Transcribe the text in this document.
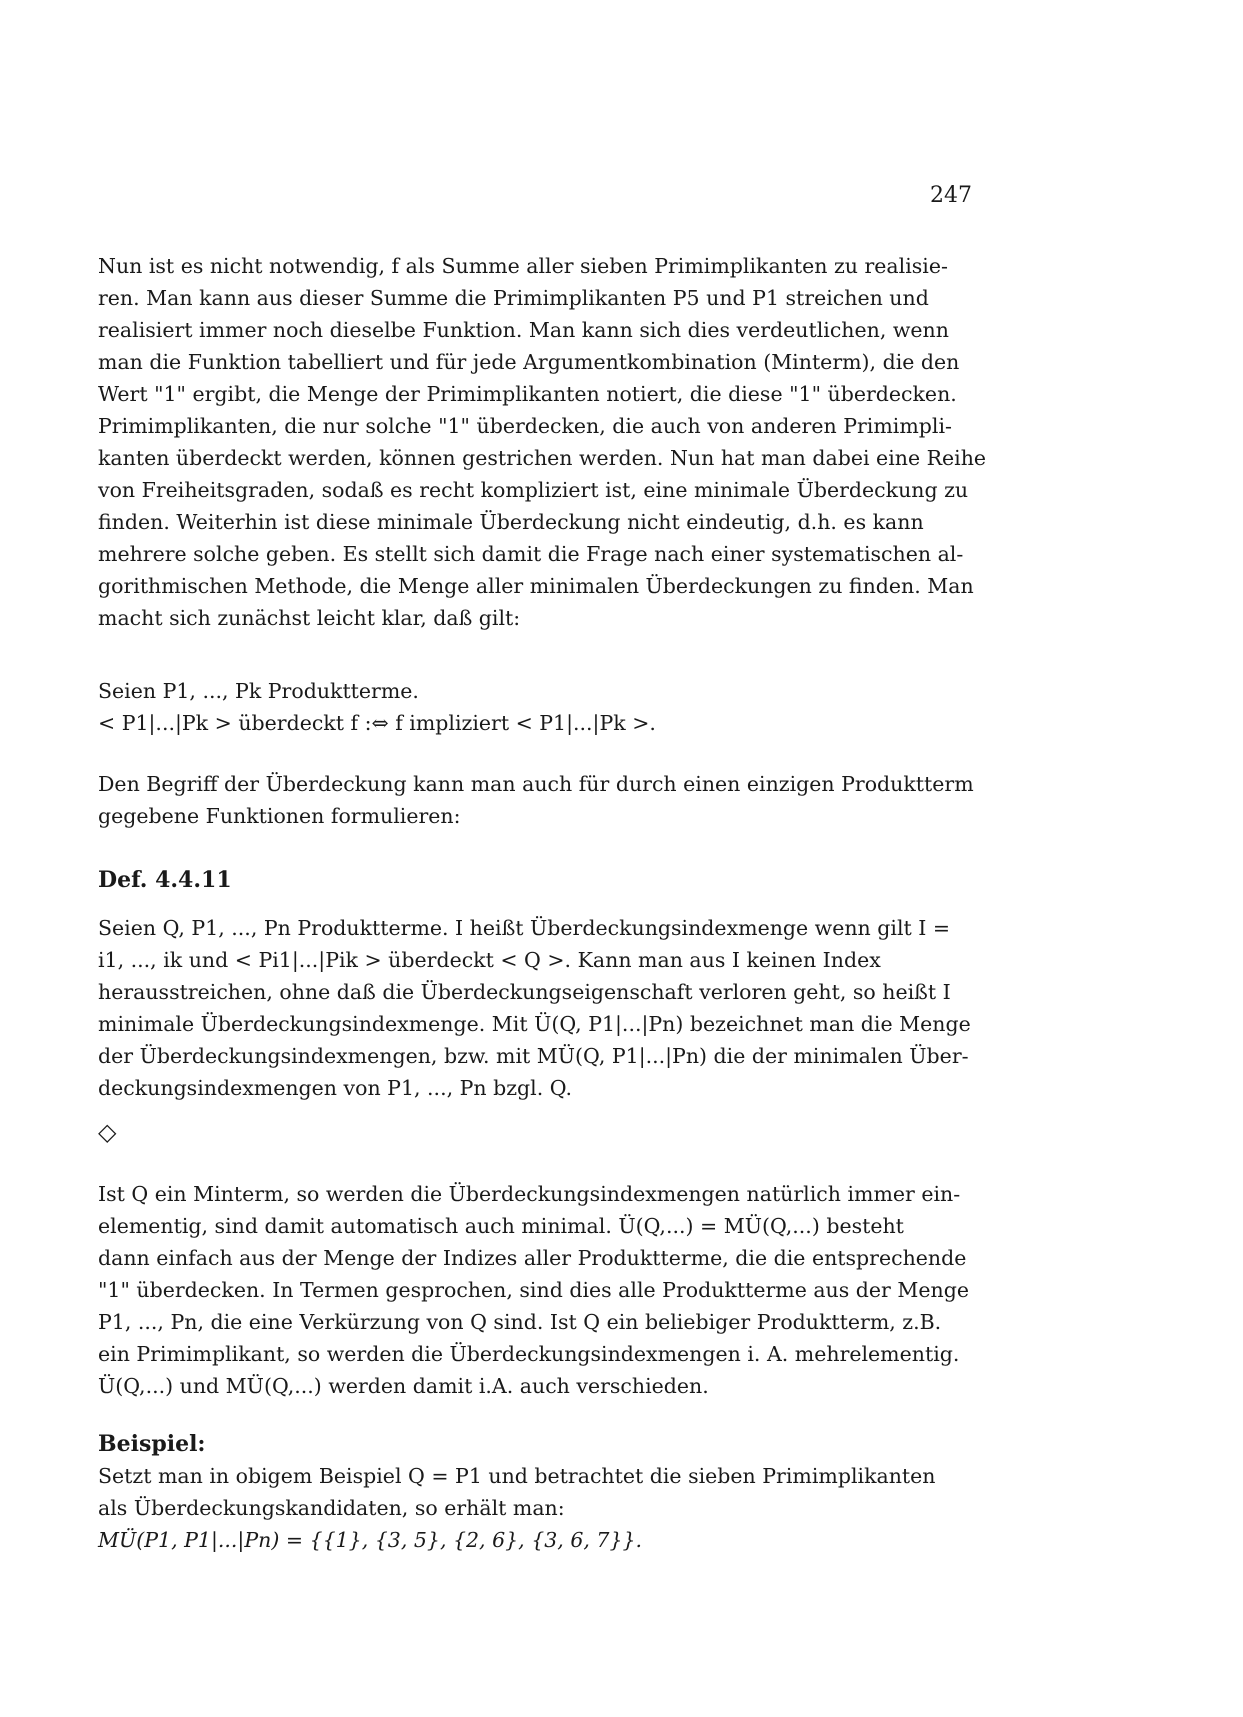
247

Nun ist es nicht notwendig, f als Summe aller sieben Primimplikanten zu realisie-
ren. Man kann aus dieser Summe die Primimplikanten P5 und P1 streichen und
realisiert immer noch dieselbe Funktion. Man kann sich dies verdeutlichen, wenn
man die Funktion tabelliert und für jede Argumentkombination (Minterm), die den
Wert "1" ergibt, die Menge der Primimplikanten notiert, die diese "1" überdecken.
Primimplikanten, die nur solche "1" überdecken, die auch von anderen Primimpli-
kanten überdeckt werden, können gestrichen werden. Nun hat man dabei eine Reihe
von Freiheitsgraden, sodaß es recht kompliziert ist, eine minimale Überdeckung zu
finden. Weiterhin ist diese minimale Überdeckung nicht eindeutig, d.h. es kann
mehrere solche geben. Es stellt sich damit die Frage nach einer systematischen al-
gorithmischen Methode, die Menge aller minimalen Überdeckungen zu finden. Man
macht sich zunächst leicht klar, daß gilt:

Seien P1, ..., Pk Produktterme.
< P1|...|Pk > überdeckt f :⇔ f impliziert < P1|...|Pk >.
Den Begriff der Überdeckung kann man auch für durch einen einzigen Produktterm
gegebene Funktionen formulieren:
Def. 4.4.11
Seien Q, P1, ..., Pn Produktterme. I heißt Überdeckungsindexmenge wenn gilt I =
i1, ..., ik und < Pi1|...|Pik > überdeckt < Q >. Kann man aus I keinen Index
herausstreichen, ohne daß die Überdeckungseigenschaft verloren geht, so heißt I
minimale Überdeckungsindexmenge. Mit Ü(Q, P1|...|Pn) bezeichnet man die Menge
der Überdeckungsindexmengen, bzw. mit MÜ(Q, P1|...|Pn) die der minimalen Über-
deckungsindexmengen von P1, ..., Pn bzgl. Q.
◇
Ist Q ein Minterm, so werden die Überdeckungsindexmengen natürlich immer ein-
elementig, sind damit automatisch auch minimal. Ü(Q,...) = MÜ(Q,...) besteht
dann einfach aus der Menge der Indizes aller Produktterme, die die entsprechende
"1" überdecken. In Termen gesprochen, sind dies alle Produktterme aus der Menge
P1, ..., Pn, die eine Verkürzung von Q sind. Ist Q ein beliebiger Produktterm, z.B.
ein Primimplikant, so werden die Überdeckungsindexmengen i. A. mehrelementig.
Ü(Q,...) und MÜ(Q,...) werden damit i.A. auch verschieden.
Beispiel:
Setzt man in obigem Beispiel Q = P1 und betrachtet die sieben Primimplikanten
als Überdeckungskandidaten, so erhält man:
MÜ(P1, P1|...|Pn) = {{1}, {3, 5}, {2, 6}, {3, 6, 7}}.
